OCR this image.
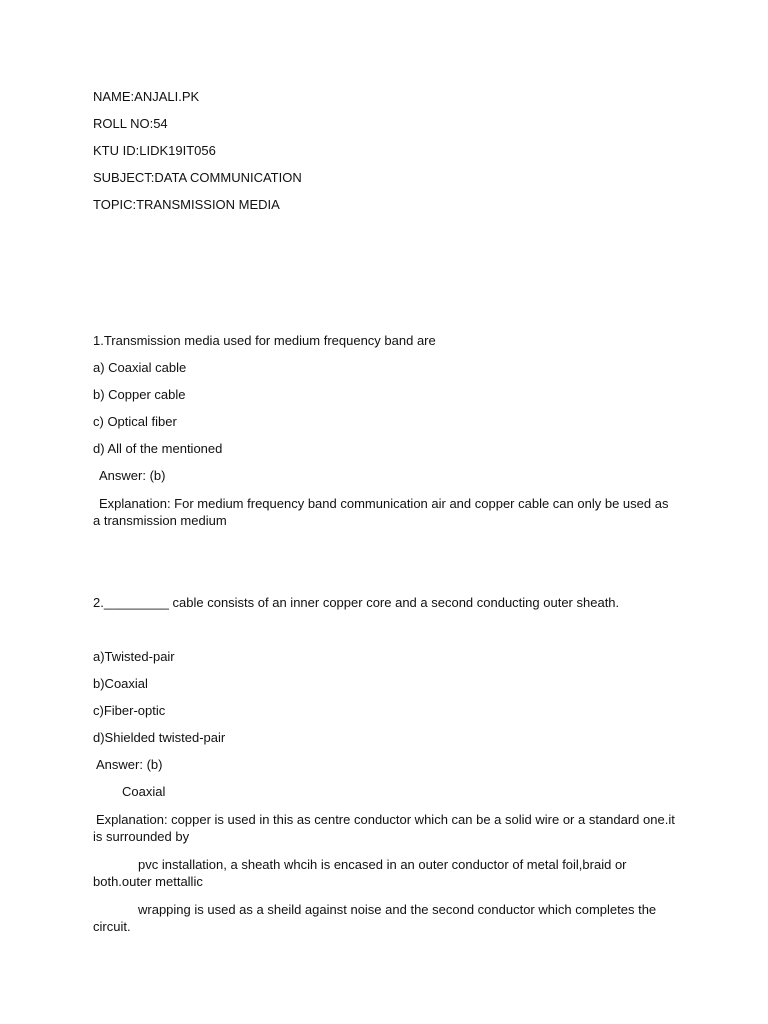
NAME:ANJALI.PK
ROLL NO:54
KTU ID:LIDK19IT056
SUBJECT:DATA COMMUNICATION
TOPIC:TRANSMISSION MEDIA
1.Transmission media used for medium frequency band are
a) Coaxial cable
b) Copper cable
c) Optical fiber
d) All of the mentioned
Answer: (b)
Explanation: For medium frequency band communication air and copper cable can only be used as a transmission medium
2._________ cable consists of an inner copper core and a second conducting outer sheath.
a)Twisted-pair
b)Coaxial
c)Fiber-optic
d)Shielded twisted-pair
Answer: (b)
Coaxial
Explanation: copper is used in this as centre conductor which can be a solid wire or a standard one.it is surrounded by
pvc installation, a sheath whcih is encased in an outer conductor of metal foil,braid or both.outer mettallic
wrapping is used as a sheild against noise and the second conductor which completes the circuit.
